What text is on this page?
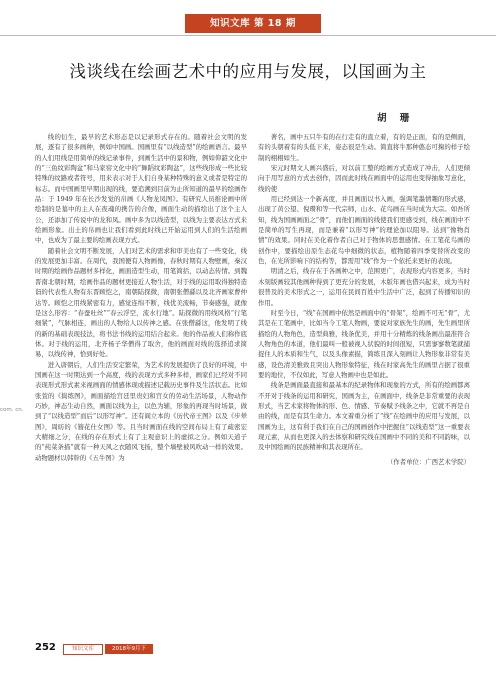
知识文库 第 18 期
浅谈线在绘画艺术中的应用与发展，以国画为主
胡 珊

线的衍生，最早的艺术形态是以记录形式存在的。随着社会文明的发展，逐有了很多画种，例如中国画。国画里有“以线造型”的绘画语言。最早的人们用线是用简单的线记录事件，到画生活中的景和物，例如仰韶文化中的“三鱼纹彩陶盆”和马家窑文化中的“舞蹈纹彩陶盆”，这些线形成一些比较特殊的纹路或者符号，用来表示对于人们自身某种特殊的意义或者是特定的标志。而中国画里早期出现的线，要追溯到目前为止所知道的最早的绘画作品：于 1949 年在长沙发觉的帛画《人物龙凤图》。有研究人员推论画中所绘制的是墓中的主人在夜魂的携告的合像，画面生动的描绘出了这个主人公，还添加了传说中的龙和凤。画中多为以线造型，以线为主要表达方式来绘画形象。出土的帛画也让我们看到此时线已开始运用到人们的生活绘画中，也成为了最主要的绘画表现方式。

随着社会文明不断发展，人们对艺术的需求和审美也有了一些变化，线的发展更加丰富。在周代，我国便有人物画像，春秋时期有人物壁画，秦汉时期的绘画作品题材多样化，画面造型生动，用笔简括，以动态传情。到魏晋南北朝时期，绘画作品的题材更接近人物生活，对于线的运用取得独特造诣的代表性人物有东晋顾恺之，南朝陆探微，南朝张僧繇以及北齐画家曹仲达等。顾恺之用线紧密有力，感觉连绵不断，线优美流畅，节奏感强，就像是这么形容：“春蚕吐丝”“春云浮空，流水行地”。陆探微的用线风格“行笔细紧”，气脉相连，画出的人物给人以传神之感。在张僧繇这，他发明了线的新的基础表现技法，将书法书线的运用结合起来。他的作品被人们称作底体。对于线的运用，北齐杨子华僧得了取舍，他的画面对线的选择追求简易，以线传神，恰到好处。

进入唐朝后，人们生活安定繁荣，为艺术的发展提供了良好的环境，中国画在这一时期达到一个高度，线的表现方式多种多样，画家们已经对不同表现形式形式素来视画面的情感体现或描述记载历史事件及生活状态。比如张萱的《捣练图》，画面描绘宫廷里贵妇和宫女的劳动生活场景，人物动作巧妙，神态生动自然，画面以线为主，以色为辅，形象的再现当时场景，做到了“以线造型”而后“以形写神”。还有阎立本的《历代帝王图》以及《步辇图》，周昉的《簪花仕女图》等。且当时画面在线的空间布局上有了疏密宏大精细之分，在线的存在形式上有了主观意识上的虚拟之分。例如天道子的“莼菜条描”就有一种天风之衣随风飞扬，整个墙壁被风吹动一样的效果。动物题材以韩幹的《五牛图》为

著名，画中五只牛有的在行走有的直立着，有的是正面，有的是侧面，有的头朝着有的头低下来，姿态很是生动。简直将牛那种憨态可掬的样子绘制的栩栩如生。

宋元时期文人画兴盛后，对以前工整的绘画方式造成了冲击，人们更倾向于用写意的方式去创作，因而此时线在画面中的运用也变得抽象写意化，线的使

用已经到达一个新高度，并且画面以书入画，强调笔墨情趣的形式感，出现了黄公望、倪瓒和等一代宗师，山水、花鸟画在当时成为大宗。如吾所知，线为国画画面之“骨”，而他们画面的线使我们更感受到，线在画面中不是简单的写生再现，而是兼着“以形写神”的理论加以阻导。达到“像物肖情”的效果。同时在美化着作者自己对于物体的思想感情。在工笔花鸟画的创作中，要描绘出原生态花鸟中细微的状态，植物随着四季变替所改变的色，在光所影响下的结构等，都需用“线”作为一个依托来更好的表现。

明清之后，线存在于各画种之中，范围更广，表现形式内容更多，当时木刻版画较其他画种得到了更充分的发展，木版年画也借兴起来，成为当时很普及的美术形式之一，运用在民间百姓中生活中广泛，起到了传播知识的作用。

时至今日，“线”在国画中依然是画面中的“骨架”，绘画不可无“骨”，尤其是在工笔画中，比如当今工笔人物画，要说对家族先生的画，先生画里所描绘的人物角色，造型典雅，线条优美，并用十分精炼的线条画出最准符合人物角色的本道，他们最叫一般被视人状貌的时间很短，只需寥寥数笔就捕捉住人的本质和生气，以及头像素描，简练且深入刻画让人物形象非常有美感，设色清美雅致且突出人物形象特征，线在时家高先生的画里占据了很重要的地位，不仅如此，写意人物画中也是如此。

线条是画面最直接和最基本的纪录物体和现象的方式，所有的绘画都离不开对于线条的运用和研究，国画为主，在画面中，线条是非常重要的表现形式，当艺术家将物体的形、色、情感、节奏赋予线条之中，它就不再是自由的线，而是有其生命力。本文着重分析了“线”在绘画中的应用与发展，以国画为主，这有利于我们在自己的国画创作中把握住“以线造型”这一重要表现元素，从而也更深入的去体察和研究线在国画中不同的美和不同韵味，以及中国绘画的民族精神和其表现所在。

（作者单位：广西艺术学院）

com. cn.
252	知识文库	2018年9月下
